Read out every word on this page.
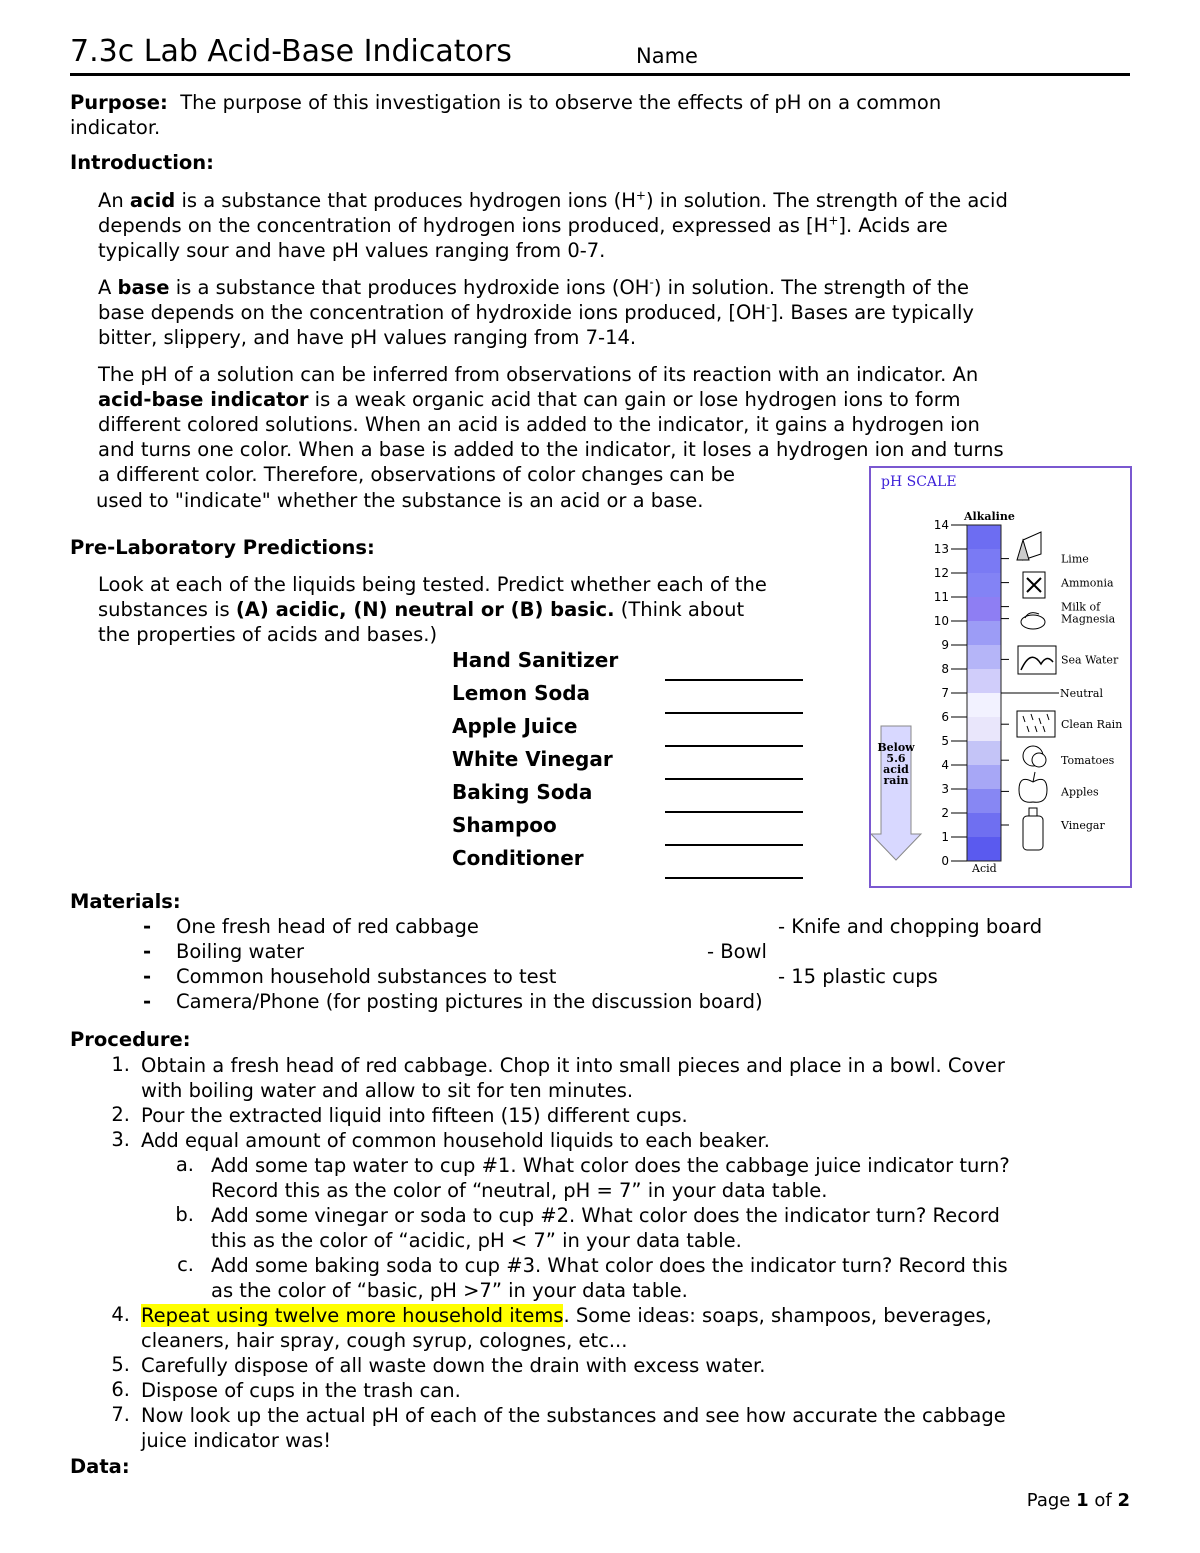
7.3c Lab Acid-Base Indicators	Name
Purpose: The purpose of this investigation is to observe the effects of pH on a common
indicator.
Introduction:
An acid is a substance that produces hydrogen ions (H+) in solution. The strength of the acid
depends on the concentration of hydrogen ions produced, expressed as [H+]. Acids are
typically sour and have pH values ranging from 0-7.
A base is a substance that produces hydroxide ions (OH-) in solution. The strength of the
base depends on the concentration of hydroxide ions produced, [OH-]. Bases are typically
bitter, slippery, and have pH values ranging from 7-14.
The pH of a solution can be inferred from observations of its reaction with an indicator. An
acid-base indicator is a weak organic acid that can gain or lose hydrogen ions to form
different colored solutions. When an acid is added to the indicator, it gains a hydrogen ion
and turns one color. When a base is added to the indicator, it loses a hydrogen ion and turns
a different color. Therefore, observations of color changes can be
used to "indicate" whether the substance is an acid or a base.
Pre-Laboratory Predictions:
Look at each of the liquids being tested. Predict whether each of the
substances is (A) acidic, (N) neutral or (B) basic. (Think about
the properties of acids and bases.)
Hand Sanitizer
Lemon Soda
Apple Juice
White Vinegar
Baking Soda
Shampoo
Conditioner
pH SCALE
14
13
12
11
10
9
8
7
6
5
4
3
2
1
0
Alkaline
Acid
Neutral
Below
5.6
acid
rain
Lime
Ammonia
Milk of
Magnesia
Sea Water
Clean Rain
Tomatoes
Apples
Vinegar
Materials:
- One fresh head of red cabbage	- Knife and chopping board
- Boiling water	- Bowl
- Common household substances to test	- 15 plastic cups
- Camera/Phone (for posting pictures in the discussion board)
Procedure:
1. Obtain a fresh head of red cabbage. Chop it into small pieces and place in a bowl. Cover
with boiling water and allow to sit for ten minutes.
2. Pour the extracted liquid into fifteen (15) different cups.
3. Add equal amount of common household liquids to each beaker.
a. Add some tap water to cup #1. What color does the cabbage juice indicator turn?
Record this as the color of “neutral, pH = 7” in your data table.
b. Add some vinegar or soda to cup #2. What color does the indicator turn? Record
this as the color of “acidic, pH < 7” in your data table.
c. Add some baking soda to cup #3. What color does the indicator turn? Record this
as the color of “basic, pH >7” in your data table.
4. Repeat using twelve more household items. Some ideas: soaps, shampoos, beverages,
cleaners, hair spray, cough syrup, colognes, etc...
5. Carefully dispose of all waste down the drain with excess water.
6. Dispose of cups in the trash can.
7. Now look up the actual pH of each of the substances and see how accurate the cabbage
juice indicator was!
Data:
Page 1 of 2
